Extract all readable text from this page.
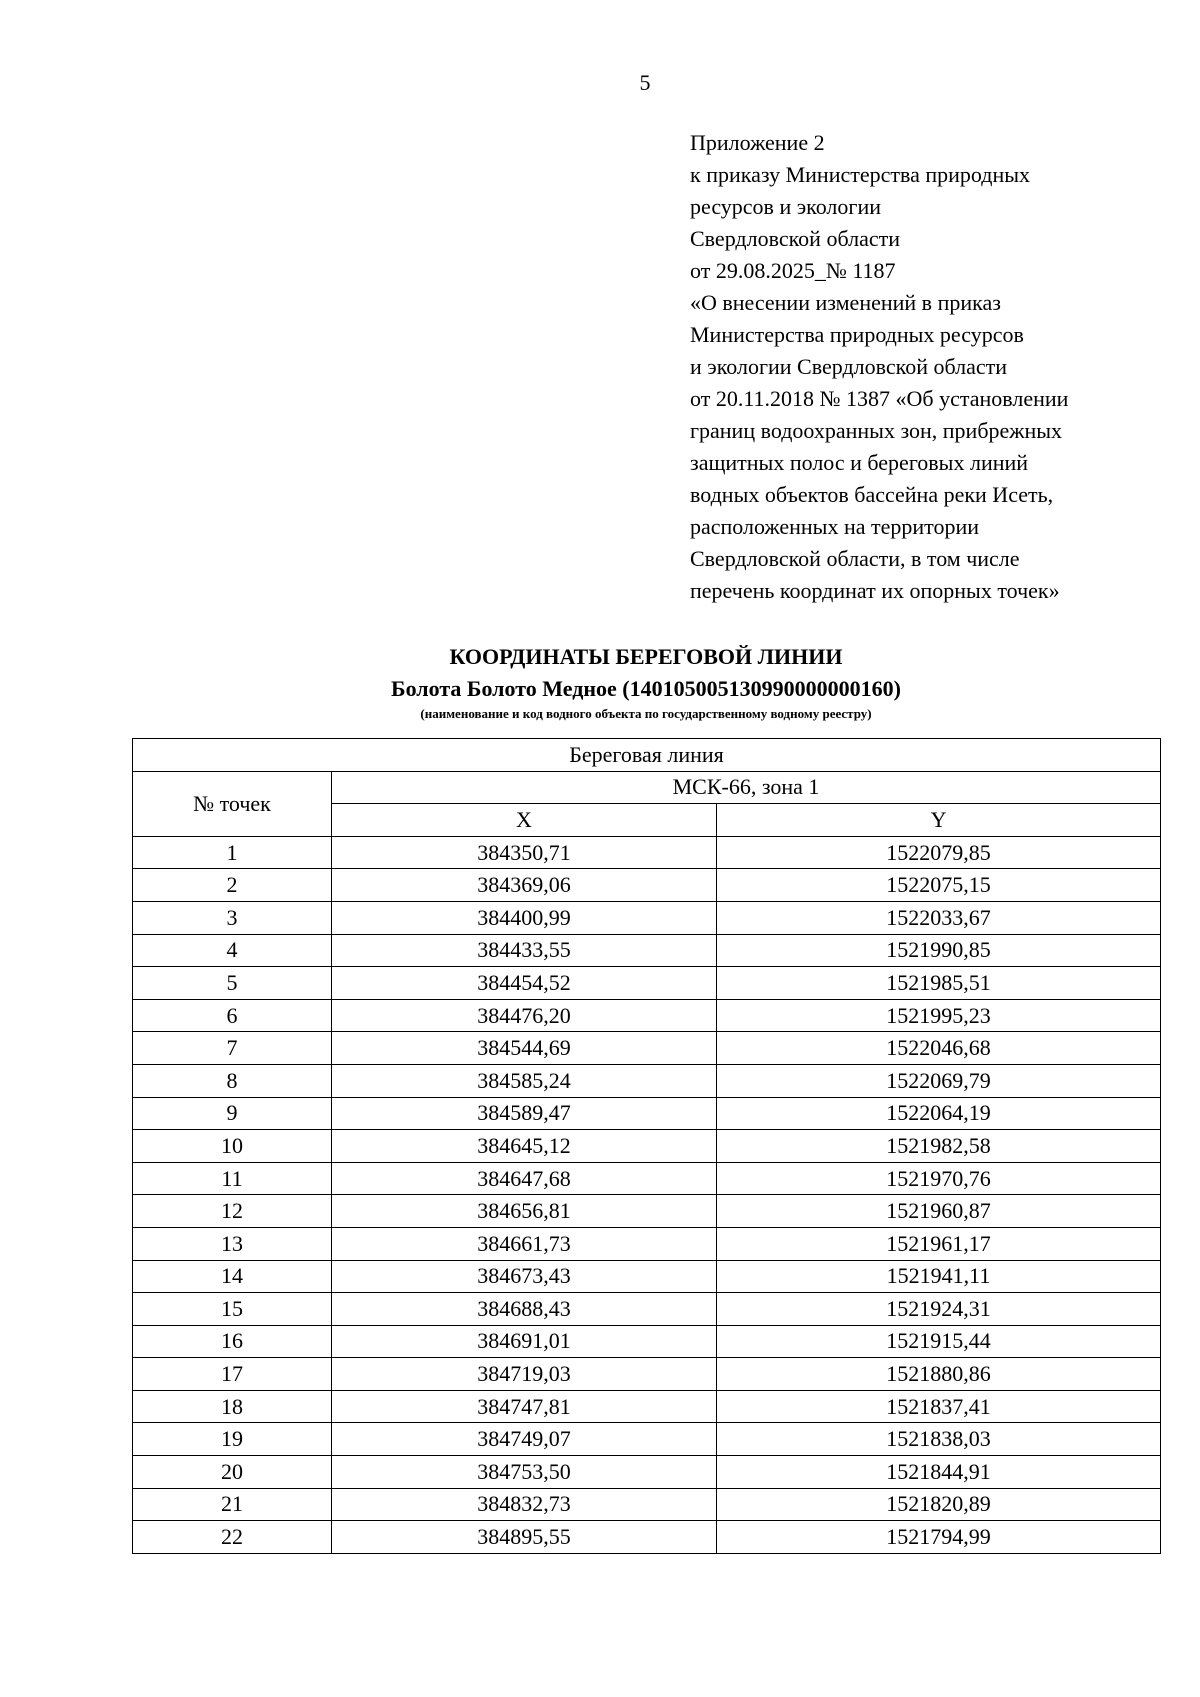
5
Приложение 2
к приказу Министерства природных
ресурсов и экологии
Свердловской области
от 29.08.2025_№ 1187
«О внесении изменений в приказ
Министерства природных ресурсов
и экологии Свердловской области
от 20.11.2018 № 1387 «Об установлении
границ водоохранных зон, прибрежных
защитных полос и береговых линий
водных объектов бассейна реки Исеть,
расположенных на территории
Свердловской области, в том числе
перечень координат их опорных точек»
КООРДИНАТЫ БЕРЕГОВОЙ ЛИНИИ
Болота Болото Медное (140105005130990000000160)
(наименование и код водного объекта по государственному водному реестру)
Береговая линия		
№ точек	МСК-66, зона 1	
	X	Y
1	384350,71	1522079,85
2	384369,06	1522075,15
3	384400,99	1522033,67
4	384433,55	1521990,85
5	384454,52	1521985,51
6	384476,20	1521995,23
7	384544,69	1522046,68
8	384585,24	1522069,79
9	384589,47	1522064,19
10	384645,12	1521982,58
11	384647,68	1521970,76
12	384656,81	1521960,87
13	384661,73	1521961,17
14	384673,43	1521941,11
15	384688,43	1521924,31
16	384691,01	1521915,44
17	384719,03	1521880,86
18	384747,81	1521837,41
19	384749,07	1521838,03
20	384753,50	1521844,91
21	384832,73	1521820,89
22	384895,55	1521794,99
